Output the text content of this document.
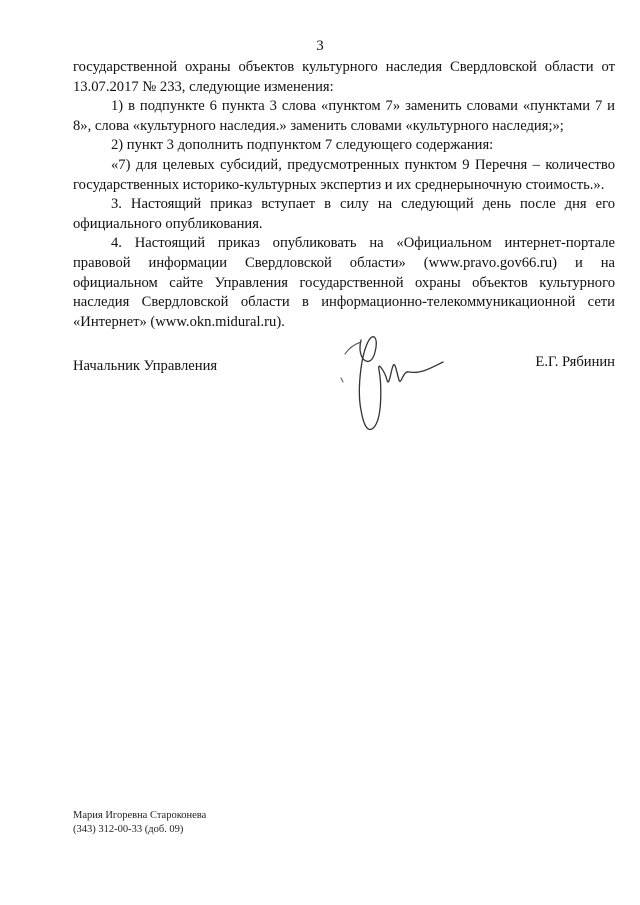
3

государственной охраны объектов культурного наследия Свердловской области от 13.07.2017 № 233, следующие изменения:

1) в подпункте 6 пункта 3 слова «пунктом 7» заменить словами «пунктами 7 и 8», слова «культурного наследия.» заменить словами «культурного наследия;»;

2) пункт 3 дополнить подпунктом 7 следующего содержания:

«7) для целевых субсидий, предусмотренных пунктом 9 Перечня – количество государственных историко-культурных экспертиз и их среднерыночную стоимость.».

3. Настоящий приказ вступает в силу на следующий день после дня его официального опубликования.

4. Настоящий приказ опубликовать на «Официальном интернет-портале правовой информации Свердловской области» (www.pravo.gov66.ru) и на официальном сайте Управления государственной охраны объектов культурного наследия Свердловской области в информационно-телекоммуникационной сети «Интернет» (www.okn.midural.ru).

Начальник Управления	Е.Г. Рябинин
Мария Игоревна Староконева
(343) 312-00-33 (доб. 09)
